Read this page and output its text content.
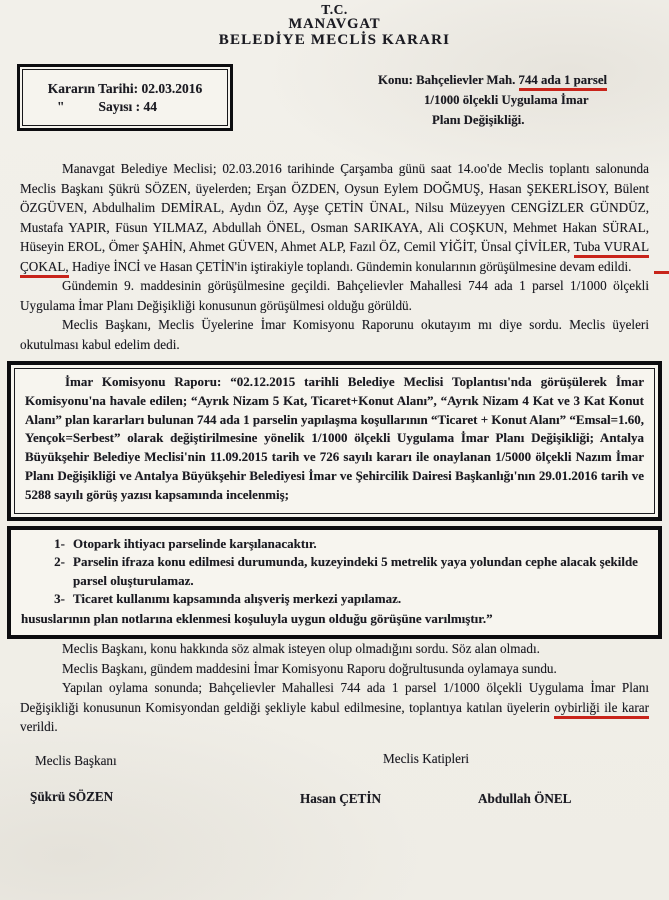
T.C.
MANAVGAT
BELEDİYE MECLİS KARARI
Kararın Tarihi: 02.03.2016
"	Sayısı : 44
Konu: Bahçelievler Mah. 744 ada 1 parsel
1/1000 ölçekli Uygulama İmar
Planı Değişikliği.

Manavgat Belediye Meclisi; 02.03.2016 tarihinde Çarşamba günü saat 14.oo'de Meclis toplantı salonunda Meclis Başkanı Şükrü SÖZEN, üyelerden; Erşan ÖZDEN, Oysun Eylem DOĞMUŞ, Hasan ŞEKERLİSOY, Bülent ÖZGÜVEN, Abdulhalim DEMİRAL, Aydın ÖZ, Ayşe ÇETİN ÜNAL, Nilsu Müzeyyen CENGİZLER GÜNDÜZ, Mustafa YAPIR, Füsun YILMAZ, Abdullah ÖNEL, Osman SARIKAYA, Ali COŞKUN, Mehmet Hakan SÜRAL, Hüseyin EROL, Ömer ŞAHİN, Ahmet GÜVEN, Ahmet ALP, Fazıl ÖZ, Cemil YİĞİT, Ünsal ÇİVİLER, Tuba VURAL ÇOKAL, Hadiye İNCİ ve Hasan ÇETİN'in iştirakiyle toplandı. Gündemin konularının görüşülmesine devam edildi.

Gündemin 9. maddesinin görüşülmesine geçildi. Bahçelievler Mahallesi 744 ada 1 parsel 1/1000 ölçekli Uygulama İmar Planı Değişikliği konusunun görüşülmesi olduğu görüldü.

Meclis Başkanı, Meclis Üyelerine İmar Komisyonu Raporunu okutayım mı diye sordu. Meclis üyeleri okutulması kabul edelim dedi.

İmar Komisyonu Raporu: “02.12.2015 tarihli Belediye Meclisi Toplantısı'nda görüşülerek İmar Komisyonu'na havale edilen; “Ayrık Nizam 5 Kat, Ticaret+Konut Alanı”, “Ayrık Nizam 4 Kat ve 3 Kat Konut Alanı” plan kararları bulunan 744 ada 1 parselin yapılaşma koşullarının “Ticaret + Konut Alanı” “Emsal=1.60, Yençok=Serbest” olarak değiştirilmesine yönelik 1/1000 ölçekli Uygulama İmar Planı Değişikliği; Antalya Büyükşehir Belediye Meclisi'nin 11.09.2015 tarih ve 726 sayılı kararı ile onaylanan 1/5000 ölçekli Nazım İmar Planı Değişikliği ve Antalya Büyükşehir Belediyesi İmar ve Şehircilik Dairesi Başkanlığı'nın 29.01.2016 tarih ve 5288 sayılı görüş yazısı kapsamında incelenmiş;

1- Otopark ihtiyacı parselinde karşılanacaktır.
2- Parselin ifraza konu edilmesi durumunda, kuzeyindeki 5 metrelik yaya yolundan cephe alacak şekilde parsel oluşturulamaz.
3- Ticaret kullanımı kapsamında alışveriş merkezi yapılamaz.
hususlarının plan notlarına eklenmesi koşuluyla uygun olduğu görüşüne varılmıştır.”

Meclis Başkanı, konu hakkında söz almak isteyen olup olmadığını sordu. Söz alan olmadı.

Meclis Başkanı, gündem maddesini İmar Komisyonu Raporu doğrultusunda oylamaya sundu.

Yapılan oylama sonunda; Bahçelievler Mahallesi 744 ada 1 parsel 1/1000 ölçekli Uygulama İmar Planı Değişikliği konusunun Komisyondan geldiği şekliyle kabul edilmesine, toplantıya katılan üyelerin oybirliği ile karar verildi.

Meclis Başkanı	Meclis Katipleri
Şükrü SÖZEN	Hasan ÇETİN	Abdullah ÖNEL
